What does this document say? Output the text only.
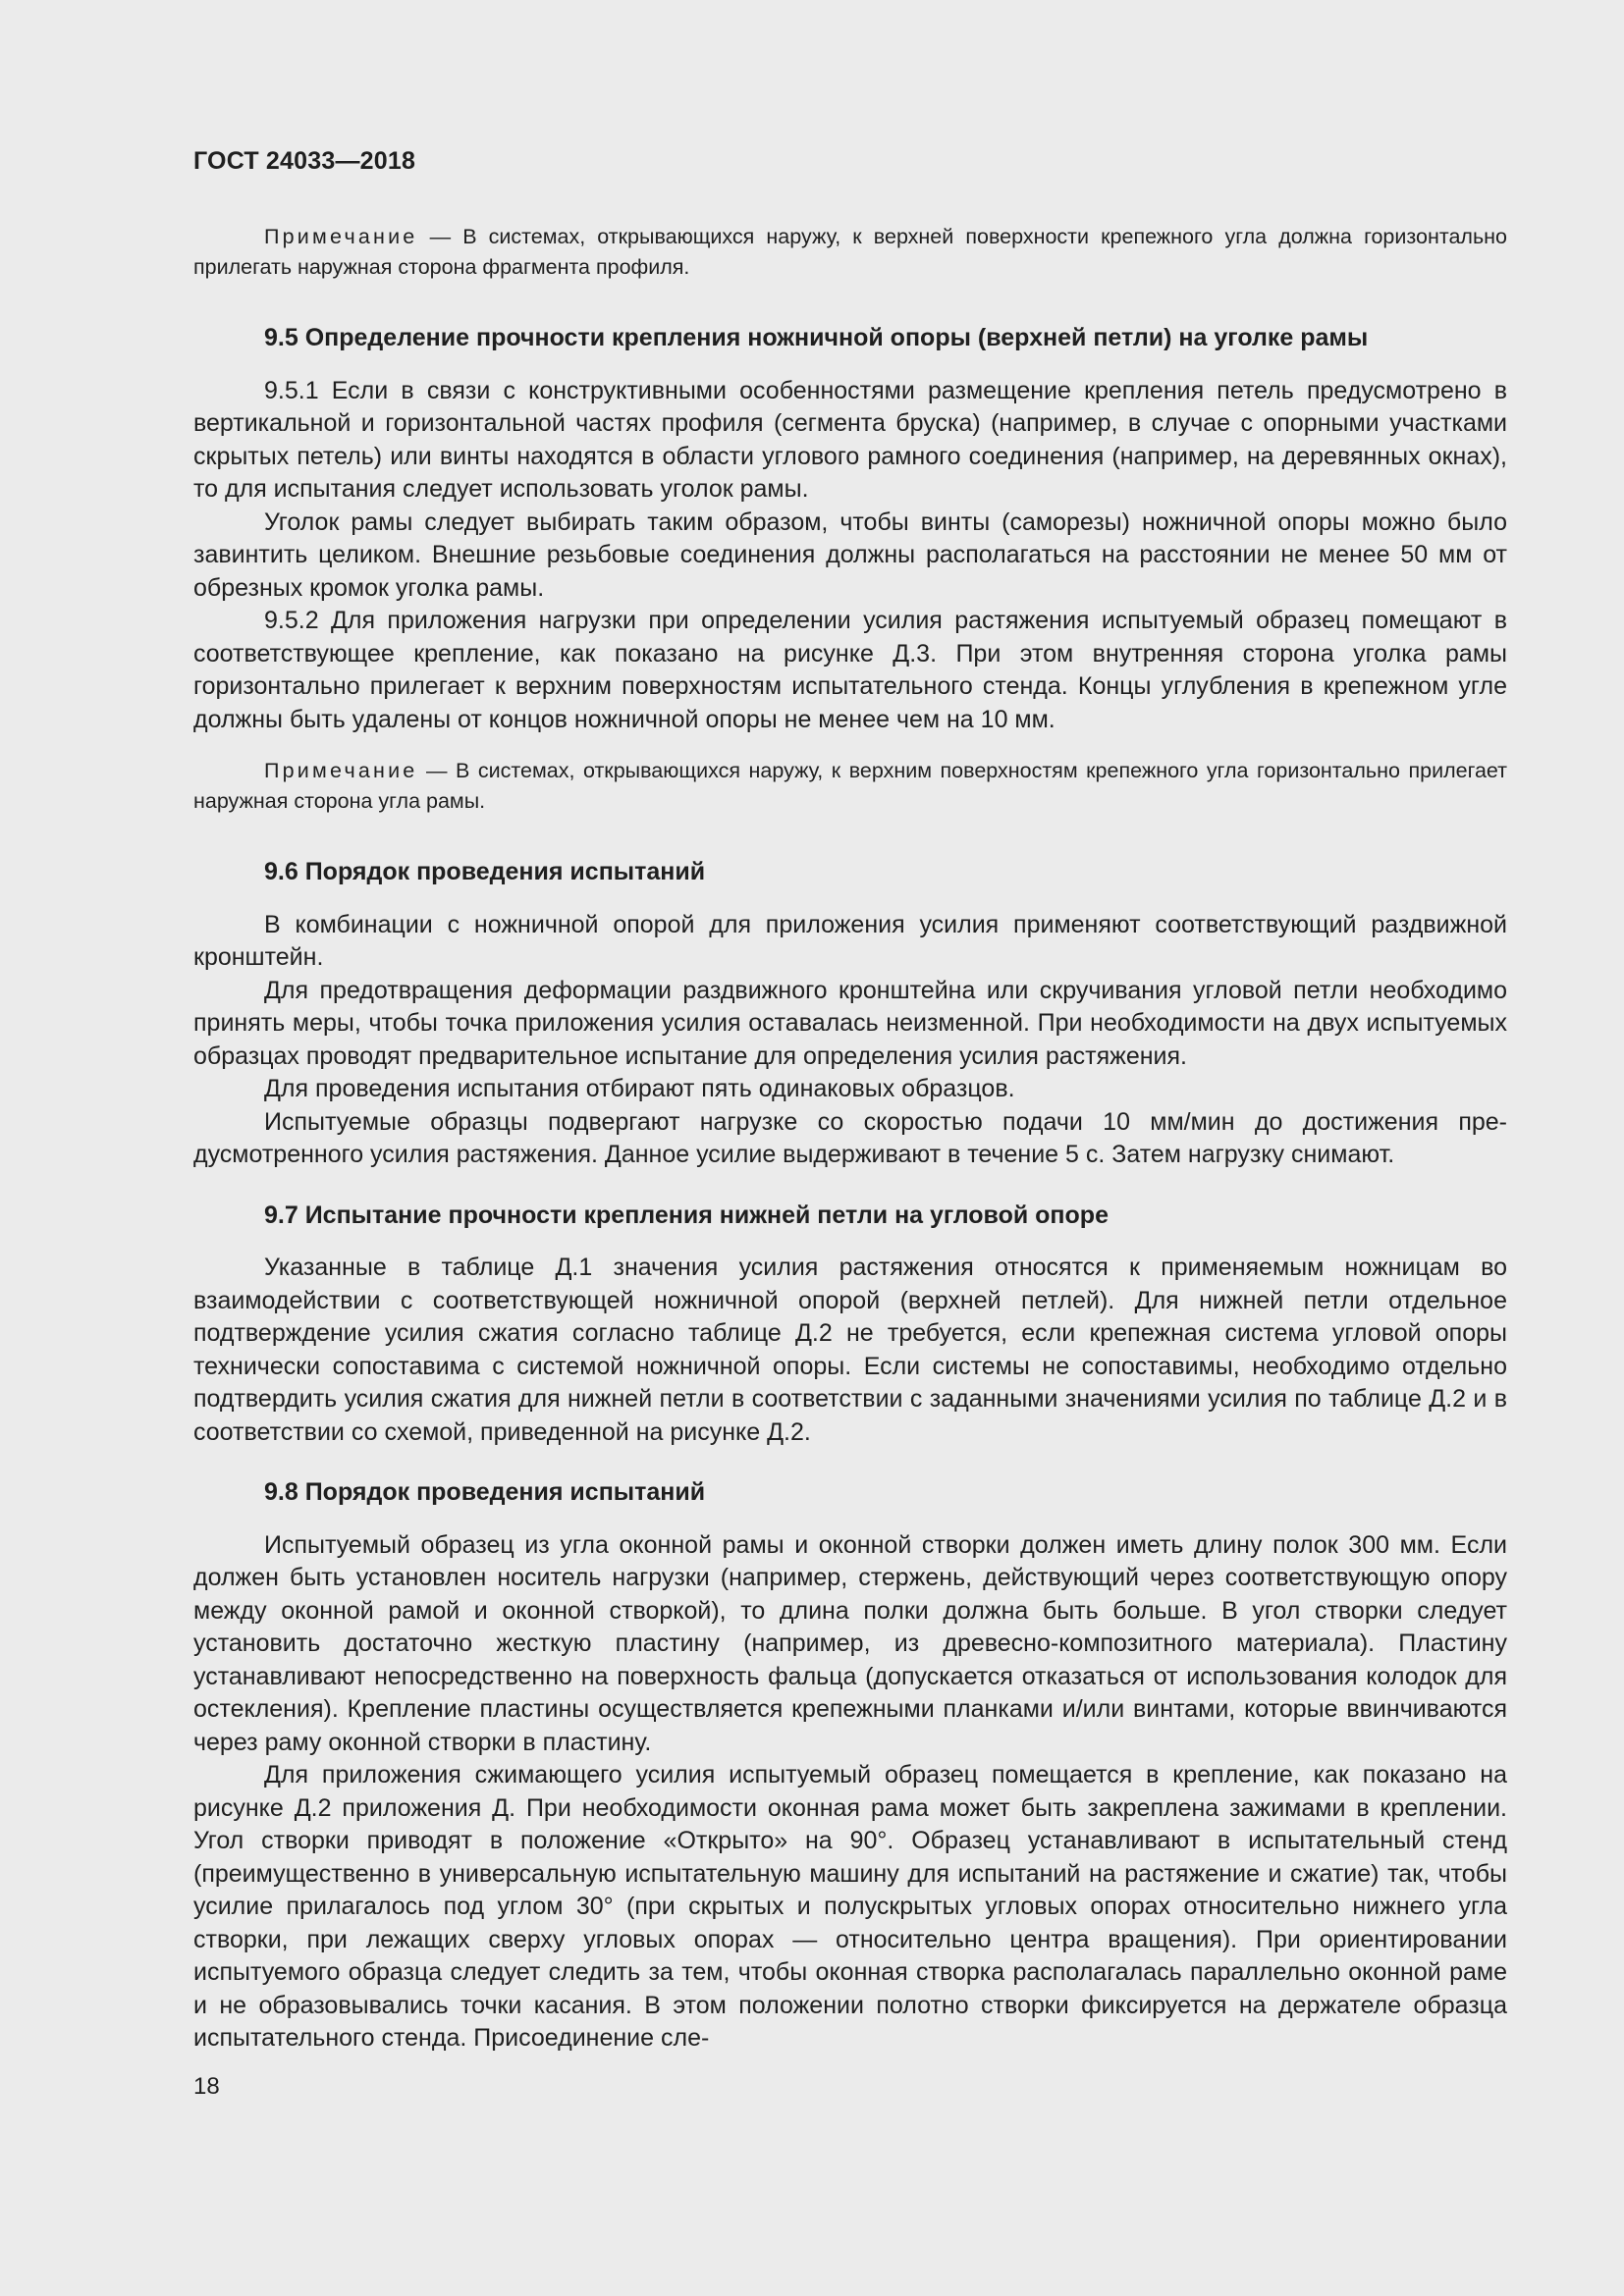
ГОСТ 24033—2018

Примечание — В системах, открывающихся наружу, к верхней поверхности крепежного угла должна горизонтально прилегать наружная сторона фрагмента профиля.

9.5 Определение прочности крепления ножничной опоры (верхней петли) на уголке рамы

9.5.1 Если в связи с конструктивными особенностями размещение крепления петель предусмотрено в вертикальной и горизонтальной частях профиля (сегмента бруска) (например, в случае с опорными участками скрытых петель) или винты находятся в области углового рамного соединения (например, на деревянных окнах), то для испытания следует использовать уголок рамы.

Уголок рамы следует выбирать таким образом, чтобы винты (саморезы) ножничной опоры можно было завинтить целиком. Внешние резьбовые соединения должны располагаться на расстоянии не менее 50 мм от обрезных кромок уголка рамы.

9.5.2 Для приложения нагрузки при определении усилия растяжения испытуемый образец помещают в соответствующее крепление, как показано на рисунке Д.3. При этом внутренняя сторона уголка рамы горизонтально прилегает к верхним поверхностям испытательного стенда. Концы углубления в крепежном угле должны быть удалены от концов ножничной опоры не менее чем на 10 мм.

Примечание — В системах, открывающихся наружу, к верхним поверхностям крепежного угла горизонтально прилегает наружная сторона угла рамы.

9.6 Порядок проведения испытаний

В комбинации с ножничной опорой для приложения усилия применяют соответствующий раздвижной кронштейн.

Для предотвращения деформации раздвижного кронштейна или скручивания угловой петли необходимо принять меры, чтобы точка приложения усилия оставалась неизменной. При необходимости на двух испытуемых образцах проводят предварительное испытание для определения усилия растяжения.

Для проведения испытания отбирают пять одинаковых образцов.

Испытуемые образцы подвергают нагрузке со скоростью подачи 10 мм/мин до достижения предусмотренного усилия растяжения. Данное усилие выдерживают в течение 5 с. Затем нагрузку снимают.

9.7 Испытание прочности крепления нижней петли на угловой опоре

Указанные в таблице Д.1 значения усилия растяжения относятся к применяемым ножницам во взаимодействии с соответствующей ножничной опорой (верхней петлей). Для нижней петли отдельное подтверждение усилия сжатия согласно таблице Д.2 не требуется, если крепежная система угловой опоры технически сопоставима с системой ножничной опоры. Если системы не сопоставимы, необходимо отдельно подтвердить усилия сжатия для нижней петли в соответствии с заданными значениями усилия по таблице Д.2 и в соответствии со схемой, приведенной на рисунке Д.2.

9.8 Порядок проведения испытаний

Испытуемый образец из угла оконной рамы и оконной створки должен иметь длину полок 300 мм. Если должен быть установлен носитель нагрузки (например, стержень, действующий через соответствующую опору между оконной рамой и оконной створкой), то длина полки должна быть больше. В угол створки следует установить достаточно жесткую пластину (например, из древесно-композитного материала). Пластину устанавливают непосредственно на поверхность фальца (допускается отказаться от использования колодок для остекления). Крепление пластины осуществляется крепежными планками и/или винтами, которые ввинчиваются через раму оконной створки в пластину.

Для приложения сжимающего усилия испытуемый образец помещается в крепление, как показано на рисунке Д.2 приложения Д. При необходимости оконная рама может быть закреплена зажимами в креплении. Угол створки приводят в положение «Открыто» на 90°. Образец устанавливают в испытательный стенд (преимущественно в универсальную испытательную машину для испытаний на растяжение и сжатие) так, чтобы усилие прилагалось под углом 30° (при скрытых и полускрытых угловых опорах относительно нижнего угла створки, при лежащих сверху угловых опорах — относительно центра вращения). При ориентировании испытуемого образца следует следить за тем, чтобы оконная створка располагалась параллельно оконной раме и не образовывались точки касания. В этом положении полотно створки фиксируется на держателе образца испытательного стенда. Присоединение сле-

18
